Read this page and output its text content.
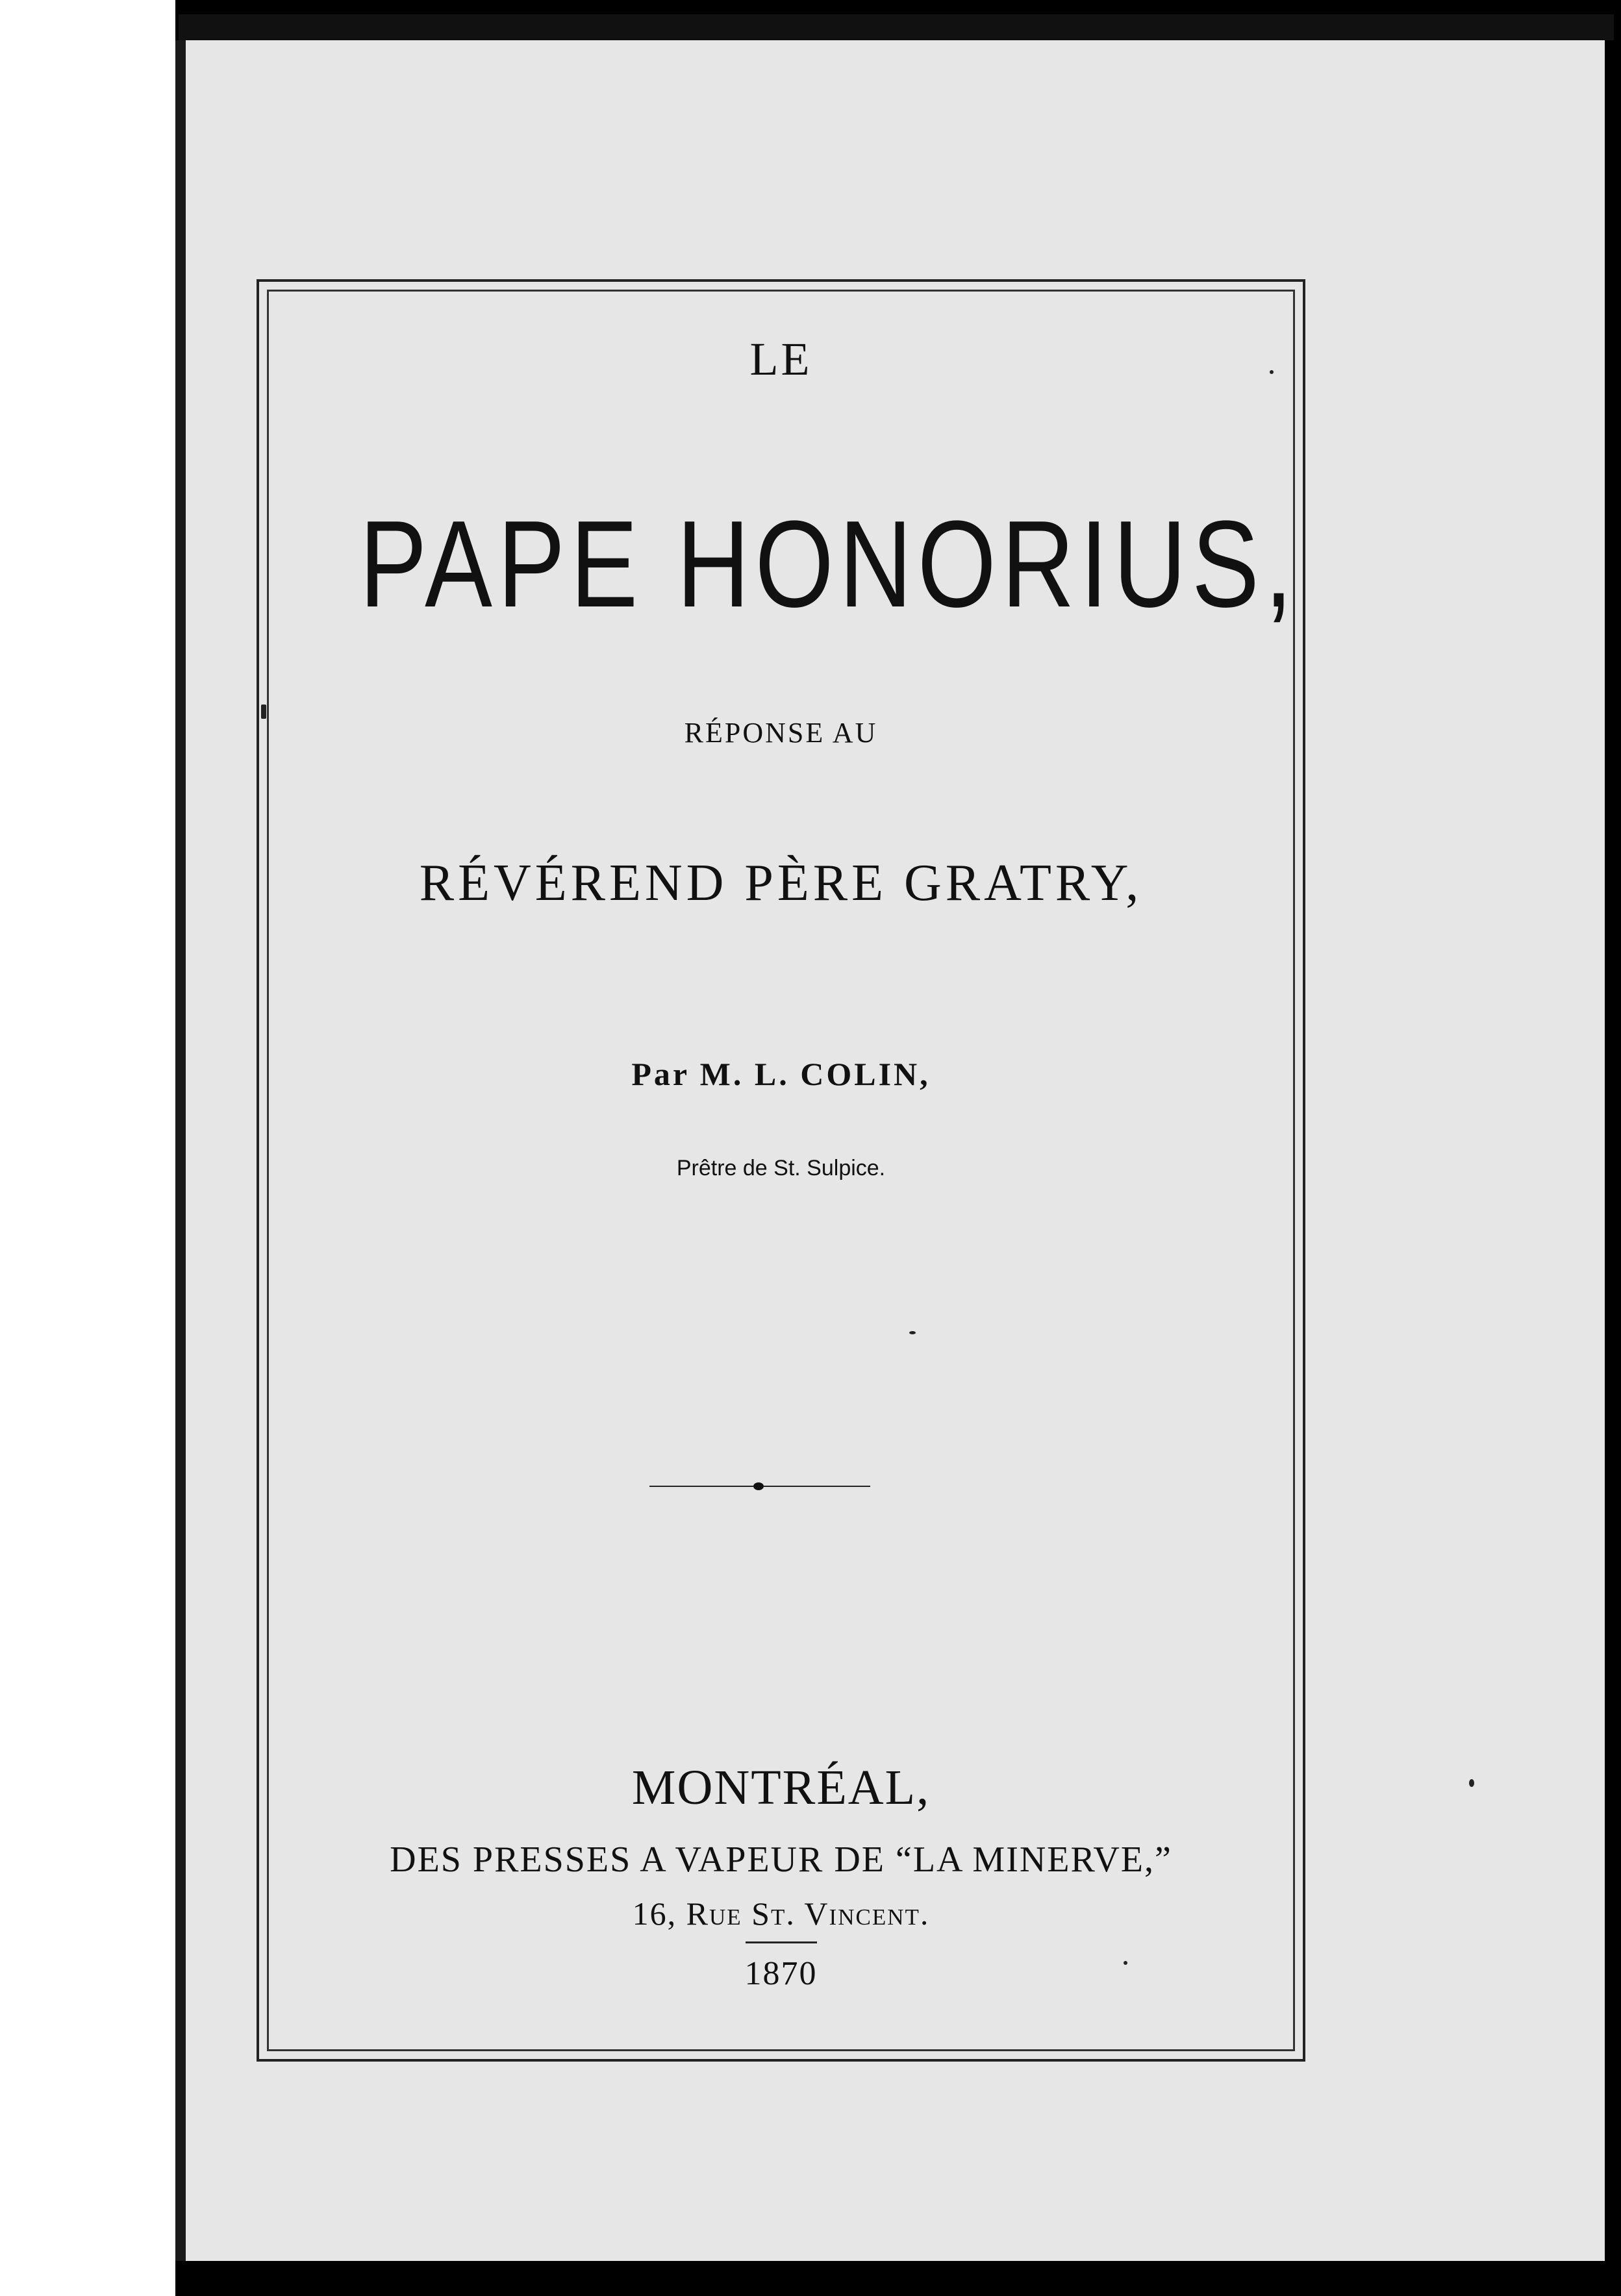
LE
PAPE HONORIUS,
RÉPONSE AU
RÉVÉREND PÈRE GRATRY,
Par M. L. COLIN,
Prêtre de St. Sulpice.
MONTRÉAL,
DES PRESSES A VAPEUR DE “LA MINERVE,”
16, Rue St. Vincent.
1870
